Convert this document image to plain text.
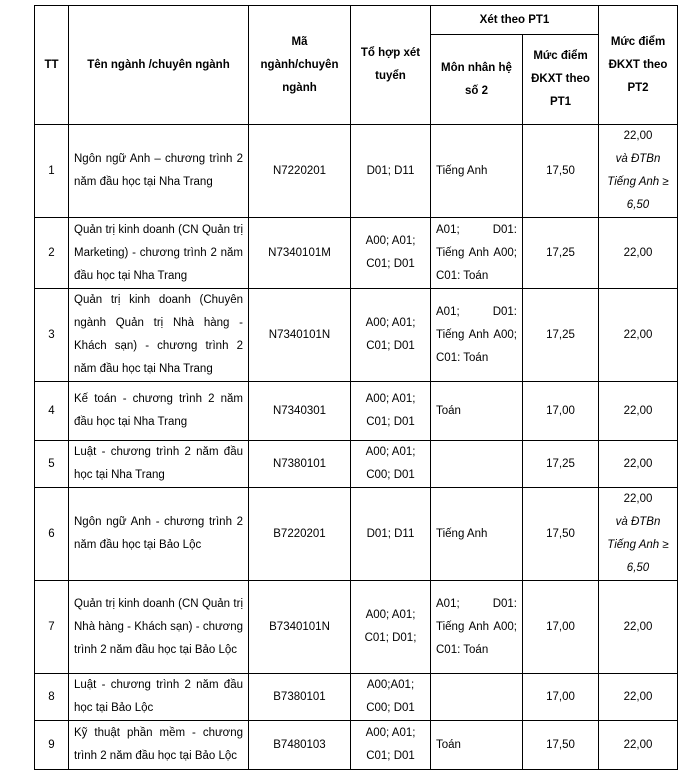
TT	Tên ngành /chuyên ngành	Mã ngành/chuyên ngành	Tổ hợp xét tuyển	Xét theo PT1		Mức điểm ĐKXT theo PT2
				Môn nhân hệ số 2	Mức điểm ĐKXT theo PT1	
1	Ngôn ngữ Anh – chương trình 2 năm đầu học tại Nha Trang	N7220201	D01; D11	Tiếng Anh	17,50	22,00
và ĐTBn Tiếng Anh ≥ 6,50

2	Quản trị kinh doanh (CN Quản trị Marketing) - chương trình 2 năm đầu học tại Nha Trang	N7340101M	A00; A01; C01; D01	A01; D01: Tiếng Anh A00; C01: Toán	17,25	22,00

3	Quản trị kinh doanh (Chuyên ngành Quản trị Nhà hàng - Khách sạn) - chương trình 2 năm đầu học tại Nha Trang	N7340101N	A00; A01; C01; D01	A01; D01: Tiếng Anh A00; C01: Toán	17,25	22,00

4	Kế toán - chương trình 2 năm đầu học tại Nha Trang	N7340301	A00; A01; C01; D01	Toán	17,00	22,00

5	Luật - chương trình 2 năm đầu học tại Nha Trang	N7380101	A00; A01; C00; D01		17,25	22,00

6	Ngôn ngữ Anh - chương trình 2 năm đầu học tại Bảo Lộc	B7220201	D01; D11	Tiếng Anh	17,50	22,00
và ĐTBn Tiếng Anh ≥ 6,50

7	Quản trị kinh doanh (CN Quản trị Nhà hàng - Khách sạn) - chương trình 2 năm đầu học tại Bảo Lộc	B7340101N	A00; A01; C01; D01;	A01; D01: Tiếng Anh A00; C01: Toán	17,00	22,00

8	Luật - chương trình 2 năm đầu học tại Bảo Lộc	B7380101	A00;A01; C00; D01		17,00	22,00

9	Kỹ thuật phần mềm - chương trình 2 năm đầu học tại Bảo Lộc	B7480103	A00; A01; C01; D01	Toán	17,50	22,00
